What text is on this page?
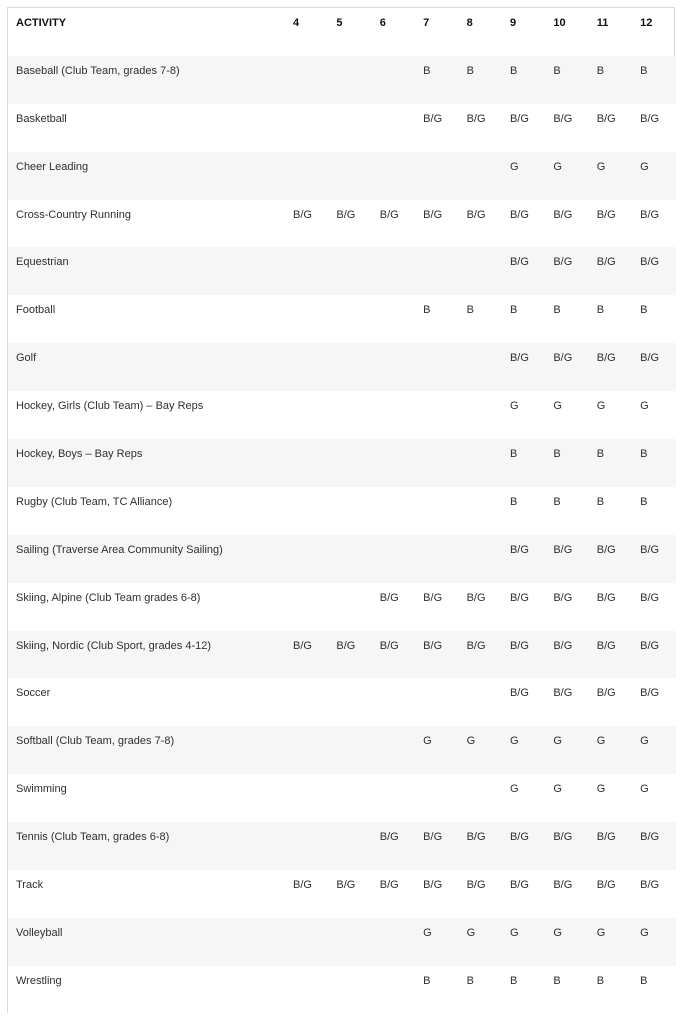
ACTIVITY	4	5	6	7	8	9	10	11	12

Baseball (Club Team, grades 7-8)				B	B	B	B	B	B

Basketball				B/G	B/G	B/G	B/G	B/G	B/G

Cheer Leading						G	G	G	G

Cross-Country Running	B/G	B/G	B/G	B/G	B/G	B/G	B/G	B/G	B/G

Equestrian						B/G	B/G	B/G	B/G

Football				B	B	B	B	B	B

Golf						B/G	B/G	B/G	B/G

Hockey, Girls (Club Team) – Bay Reps						G	G	G	G

Hockey, Boys – Bay Reps						B	B	B	B

Rugby (Club Team, TC Alliance)						B	B	B	B

Sailing (Traverse Area Community Sailing)						B/G	B/G	B/G	B/G

Skiing, Alpine (Club Team grades 6-8)			B/G	B/G	B/G	B/G	B/G	B/G	B/G

Skiing, Nordic (Club Sport, grades 4-12)	B/G	B/G	B/G	B/G	B/G	B/G	B/G	B/G	B/G

Soccer						B/G	B/G	B/G	B/G

Softball (Club Team, grades 7-8)				G	G	G	G	G	G

Swimming						G	G	G	G

Tennis (Club Team, grades 6-8)			B/G	B/G	B/G	B/G	B/G	B/G	B/G

Track	B/G	B/G	B/G	B/G	B/G	B/G	B/G	B/G	B/G

Volleyball				G	G	G	G	G	G

Wrestling				B	B	B	B	B	B
